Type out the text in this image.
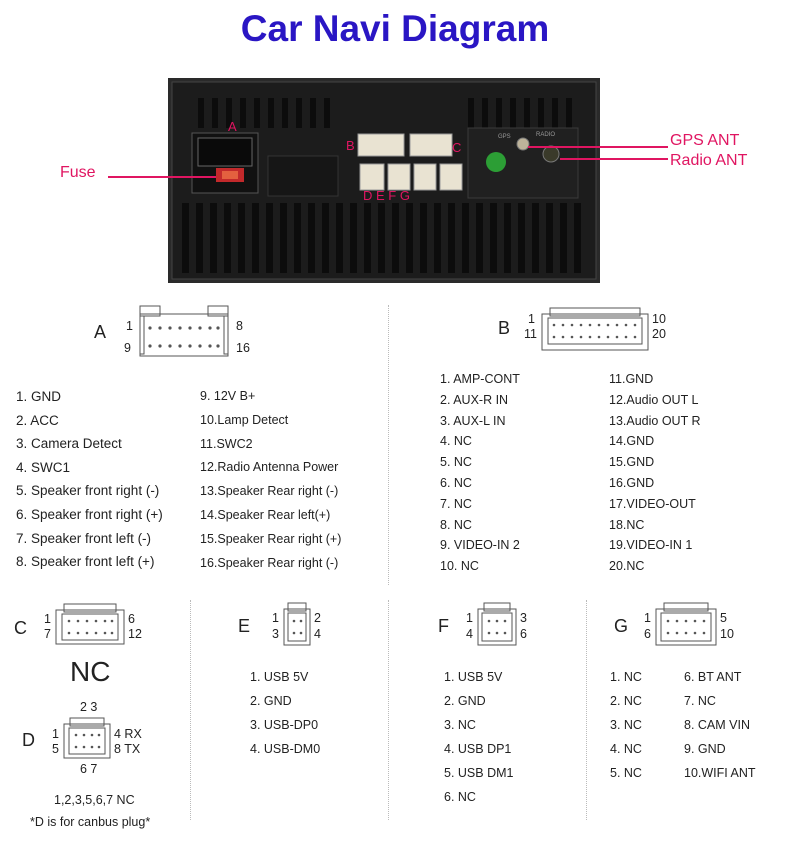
Car Navi Diagram
GPS	RADIO
A
B	C
D E F G
Fuse
GPS ANT
Radio ANT
A 1	8
9	16
1. GND
2. ACC
3. Camera Detect
4. SWC1
5. Speaker front right (-)
6. Speaker front right (+)
7. Speaker front left (-)
8. Speaker front left (+)
9. 12V B+
10.Lamp Detect
11.SWC2
12.Radio Antenna Power
13.Speaker Rear right (-)
14.Speaker Rear left(+)
15.Speaker Rear right (+)
16.Speaker Rear right (-)
B 1	10
11	20
1. AMP-CONT
2. AUX-R IN
3. AUX-L IN
4. NC
5. NC
6. NC
7. NC
8. NC
9. VIDEO-IN 2
10. NC
11.GND
12.Audio OUT L
13.Audio OUT R
14.GND
15.GND
16.GND
17.VIDEO-OUT
18.NC
19.VIDEO-IN 1
20.NC
C 1	6
7	12
NC
2 3
D 1
5
4 RX
8 TX
6 7
1,2,3,5,6,7 NC
*D is for canbus plug*
E 1	2
3	4
1. USB 5V
2. GND
3. USB-DP0
4. USB-DM0
F 1	3
4	6
1. USB 5V
2. GND
3. NC
4. USB DP1
5. USB DM1
6. NC
G 1	5
6	10
1. NC
2. NC
3. NC
4. NC
5. NC
6. BT ANT
7. NC
8. CAM VIN
9. GND
10.WIFI ANT
